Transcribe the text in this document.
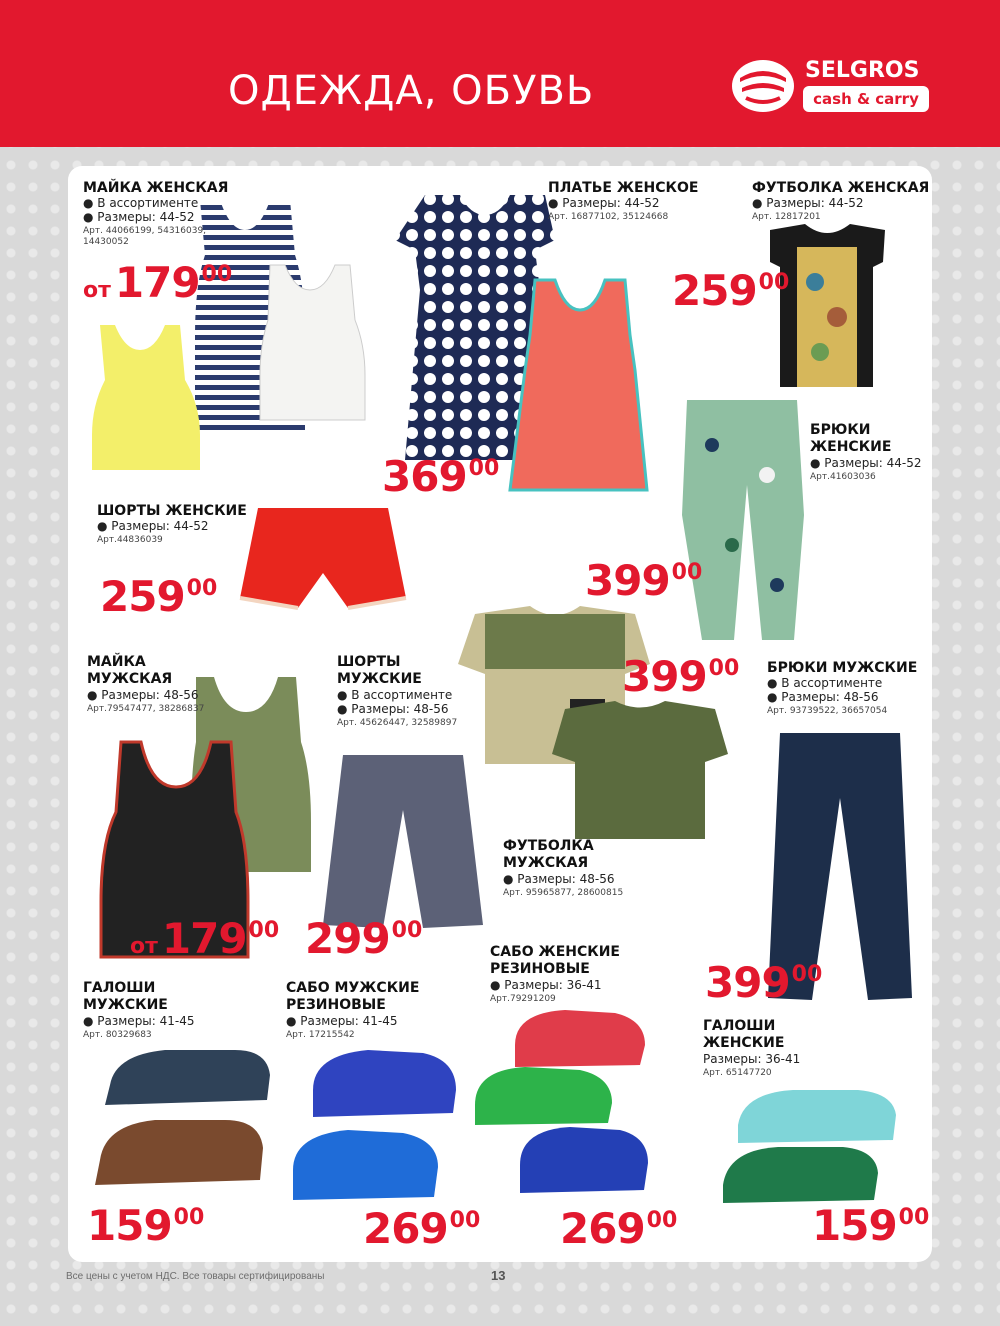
ОДЕЖДА, ОБУВЬ	SELGROS
cash & carry
МАЙКА ЖЕНСКАЯ
● В ассортименте
● Размеры: 44-52
Арт. 44066199, 54316039,
14430052
от17900
ПЛАТЬЕ ЖЕНСКОЕ
● Размеры: 44-52
Арт. 16877102, 35124668
36900
ФУТБОЛКА ЖЕНСКАЯ
● Размеры: 44-52
Арт. 12817201
25900
БРЮКИ
ЖЕНСКИЕ
● Размеры: 44-52
Арт.41603036
39900
ШОРТЫ ЖЕНСКИЕ
● Размеры: 44-52
Арт.44836039
25900
МАЙКА
МУЖСКАЯ
● Размеры: 48-56
Арт.79547477, 38286837
от17900
ШОРТЫ
МУЖСКИЕ
● В ассортименте
● Размеры: 48-56
Арт. 45626447, 32589897
29900
ФУТБОЛКА
МУЖСКАЯ
● Размеры: 48-56
Арт. 95965877, 28600815
39900 БРЮКИ МУЖСКИЕ
● В ассортименте
● Размеры: 48-56
Арт. 93739522, 36657054
39900
ГАЛОШИ
МУЖСКИЕ
● Размеры: 41-45
Арт. 80329683
15900
САБО МУЖСКИЕ
РЕЗИНОВЫЕ
● Размеры: 41-45
Арт. 17215542
26900
САБО ЖЕНСКИЕ
РЕЗИНОВЫЕ
● Размеры: 36-41
Арт.79291209
26900
ГАЛОШИ
ЖЕНСКИЕ
Размеры: 36-41
Арт. 65147720
15900
Все цены с учетом НДС. Все товары сертифицированы	13
